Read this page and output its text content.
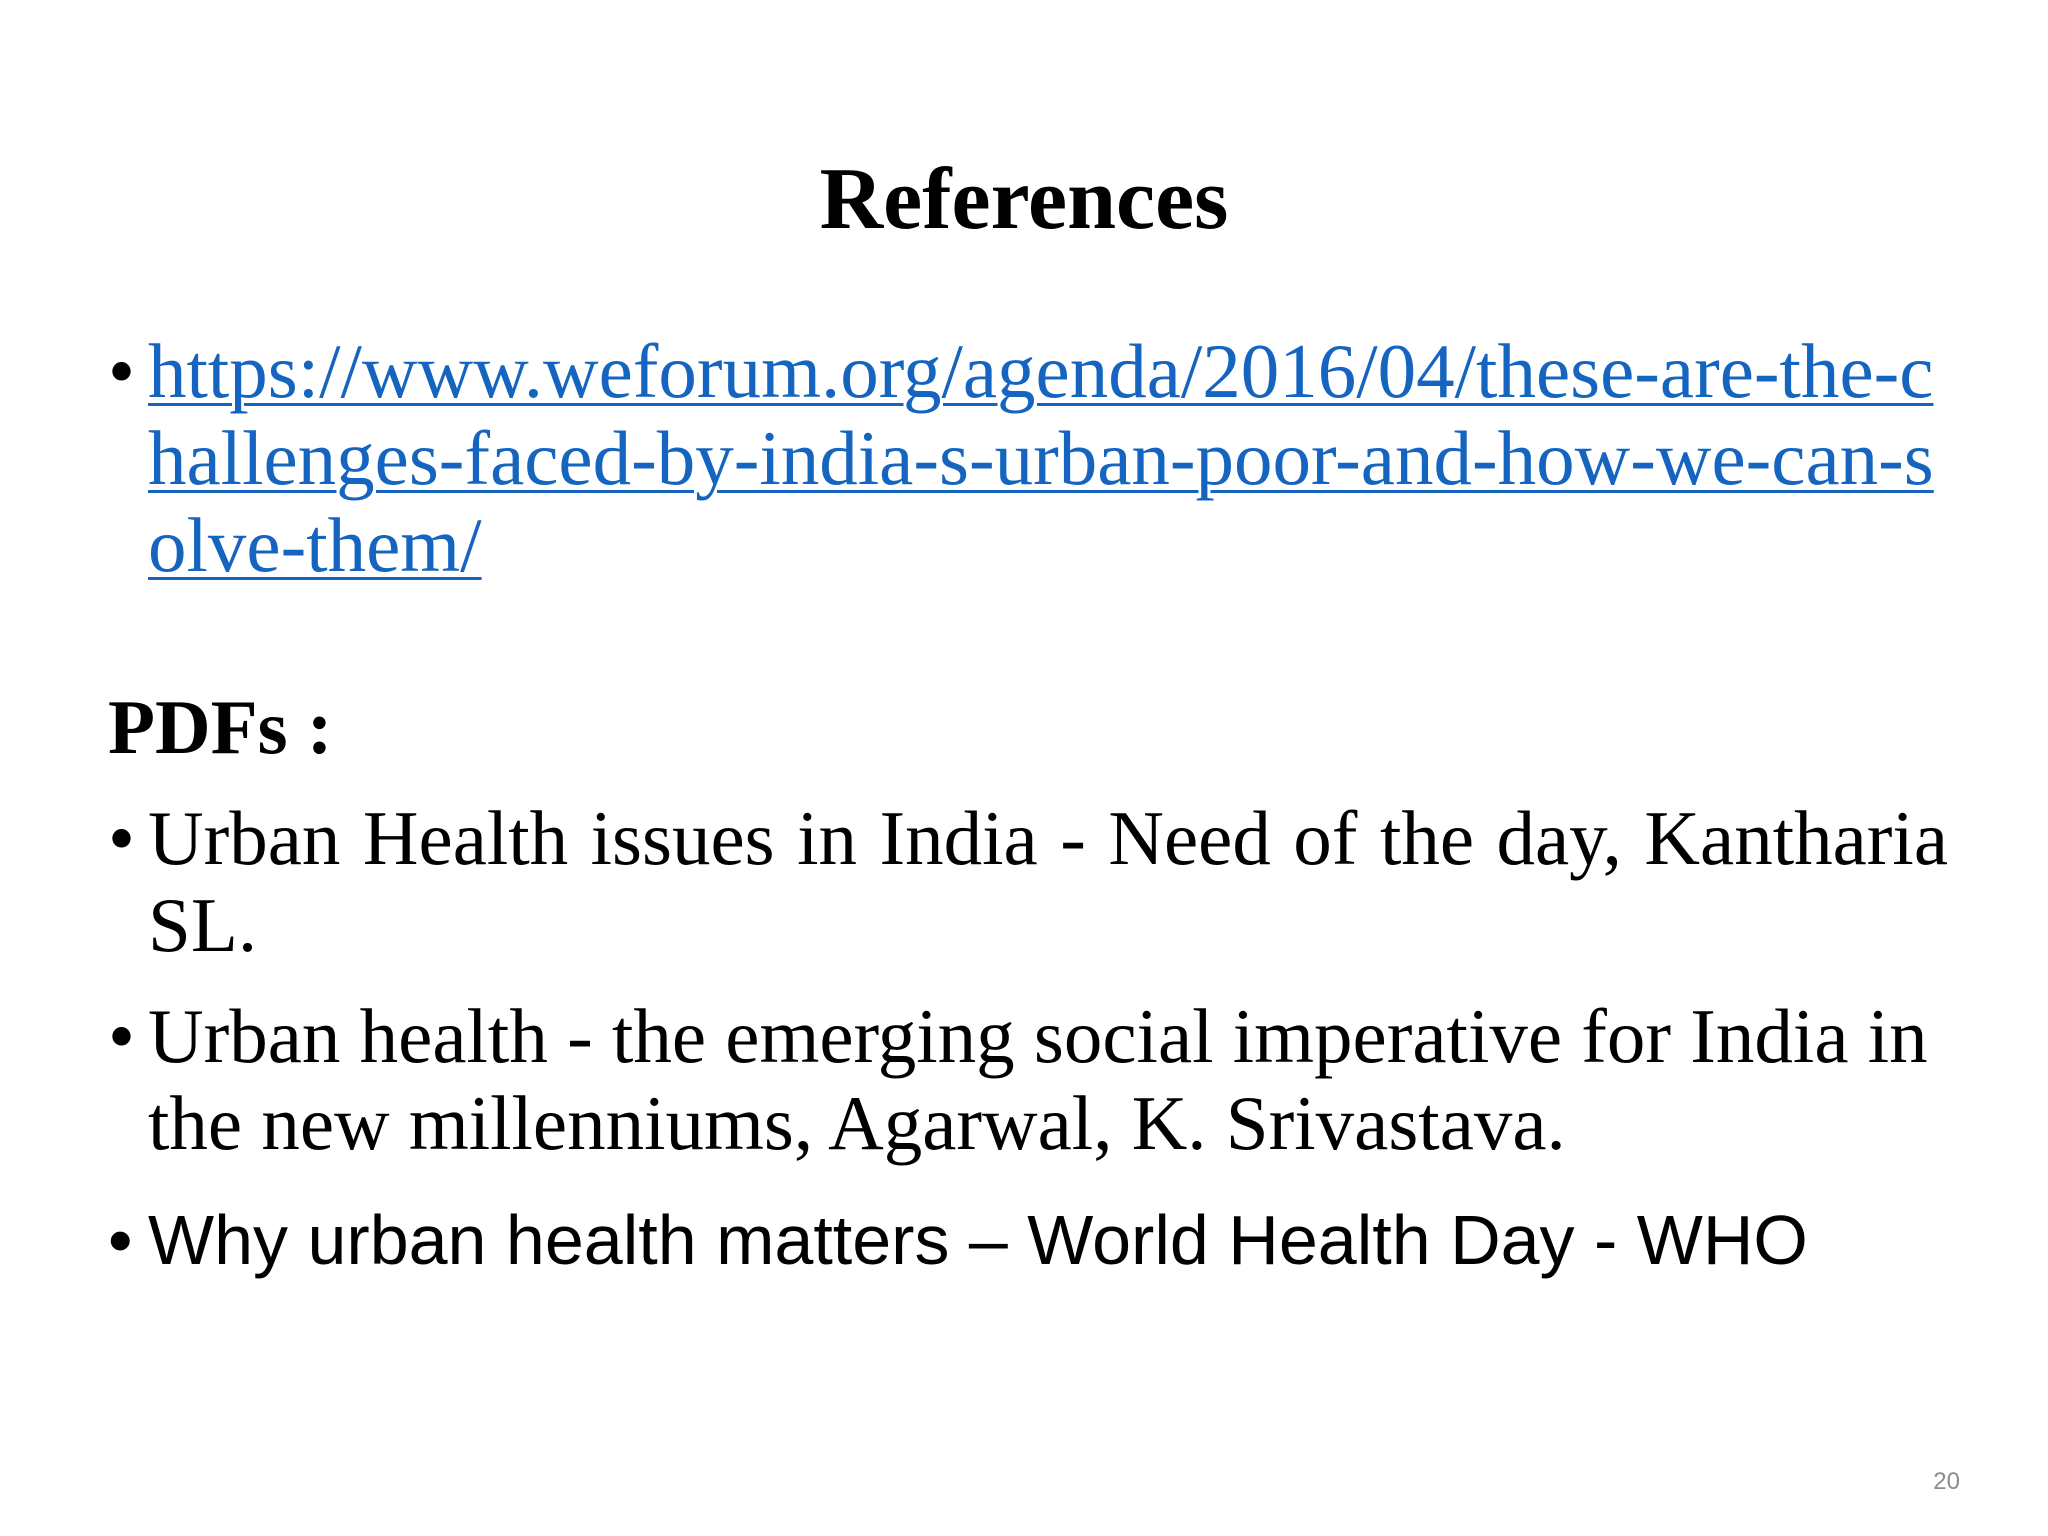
References
• https://www.weforum.org/agenda/2016/04/these-are-the-challenges-faced-by-india-s-urban-poor-and-how-we-can-solve-them/
PDFs :
• Urban Health issues in India - Need of the day, Kantharia SL.
• Urban health - the emerging social imperative for India in the new millenniums, Agarwal, K. Srivastava.
• Why urban health matters – World Health Day - WHO
20
